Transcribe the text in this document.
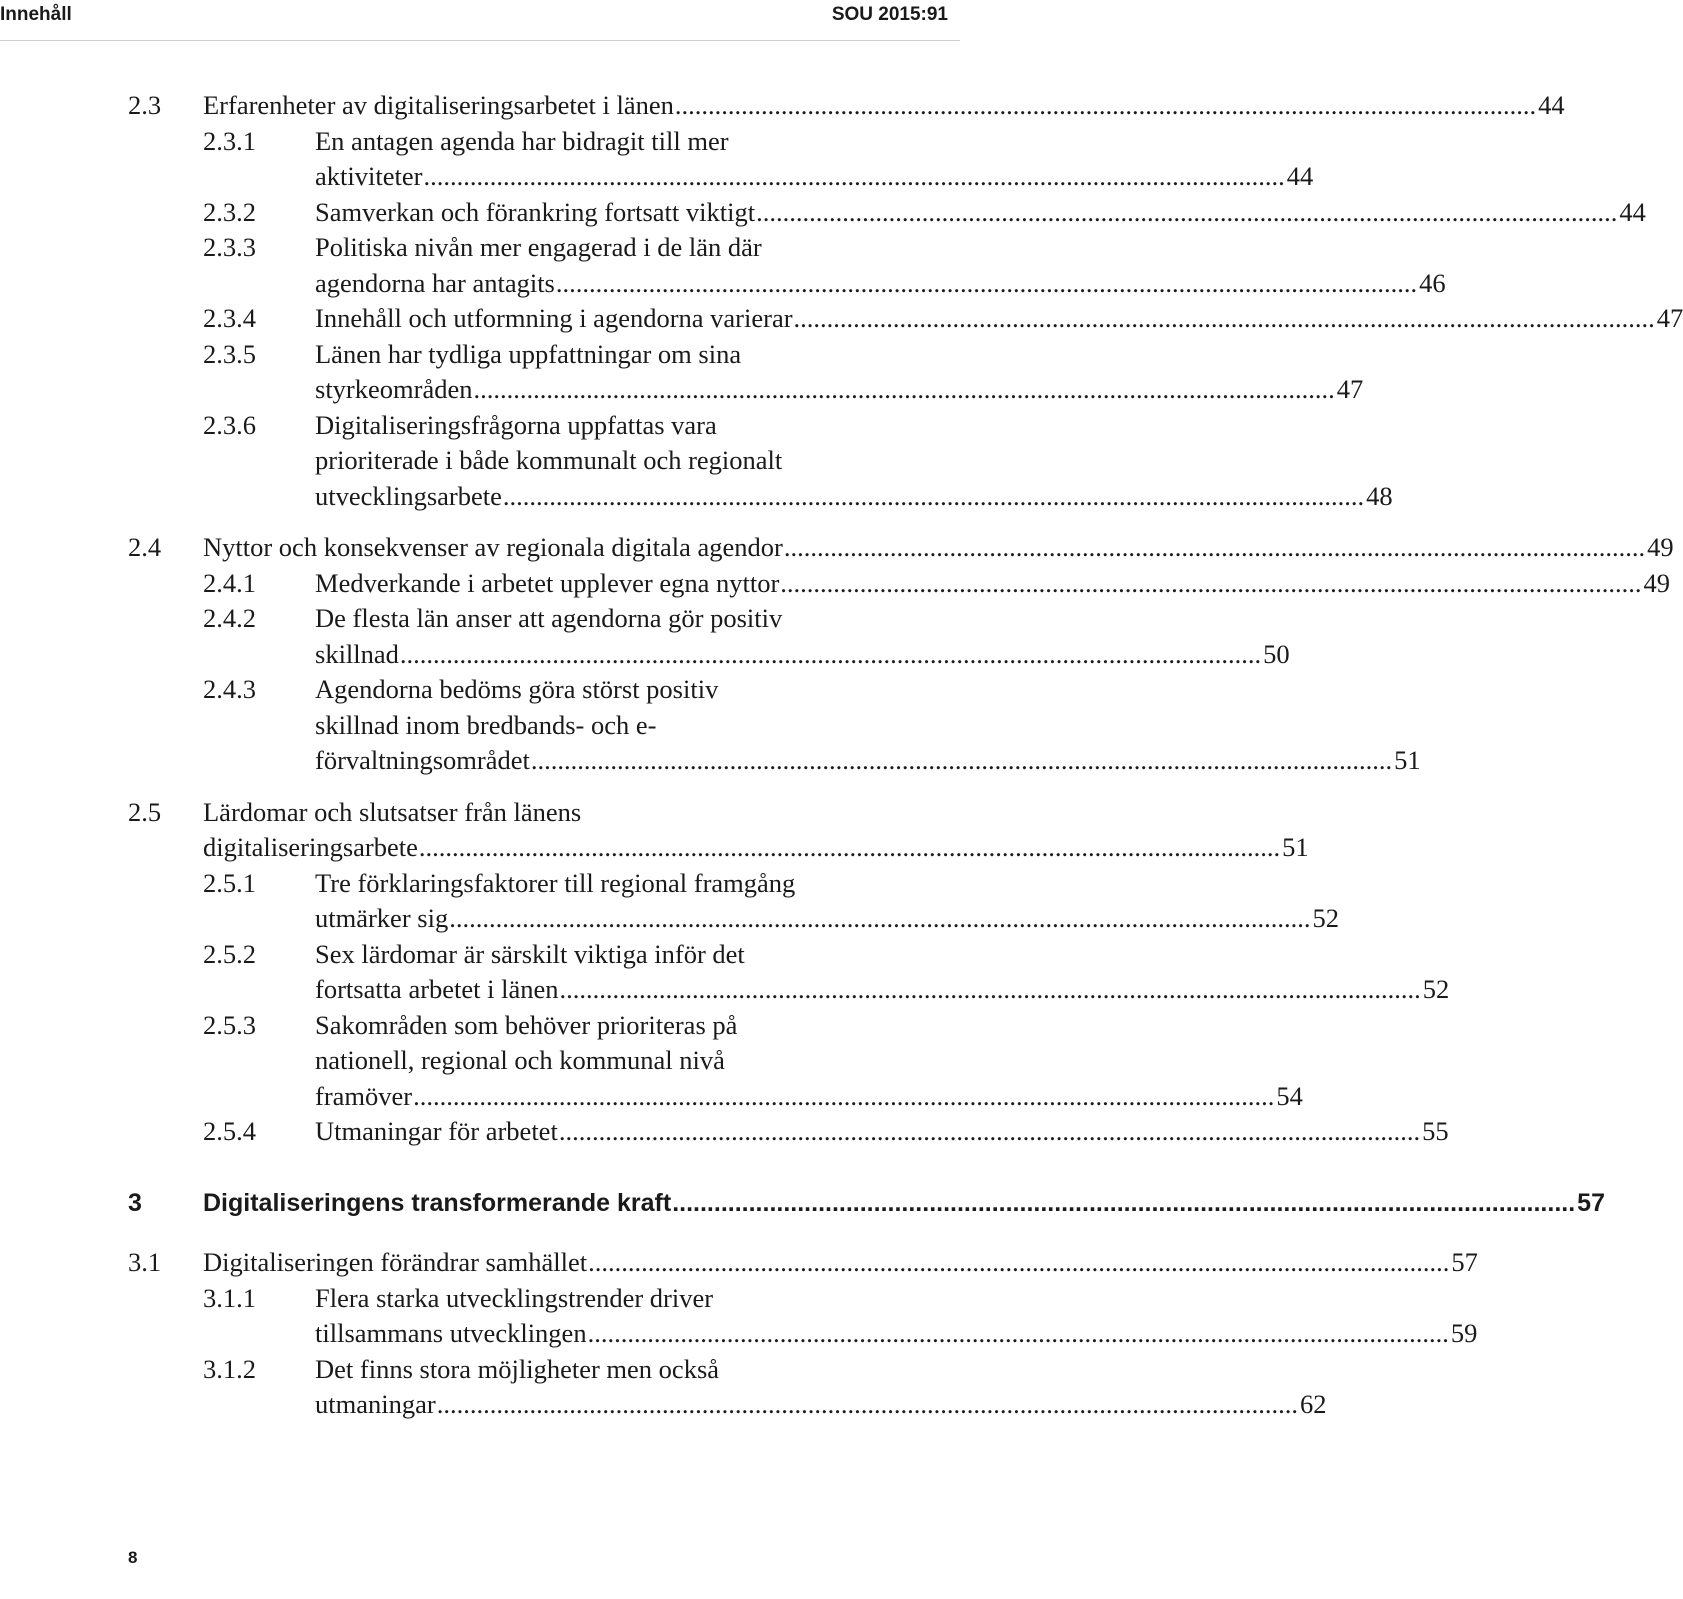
Innehåll	SOU 2015:91
2.3 Erfarenheter av digitaliseringsarbetet i länen .................................................................................................................................. 44
2.3.1 En antagen agenda har bidragit till mer
aktiviteter .................................................................................................................................. 44
2.3.2 Samverkan och förankring fortsatt viktigt .................................................................................................................................. 44
2.3.3 Politiska nivån mer engagerad i de län där
agendorna har antagits .................................................................................................................................. 46
2.3.4 Innehåll och utformning i agendorna varierar .................................................................................................................................. 47
2.3.5 Länen har tydliga uppfattningar om sina
styrkeområden .................................................................................................................................. 47
2.3.6 Digitaliseringsfrågorna uppfattas vara
prioriterade i både kommunalt och regionalt
utvecklingsarbete .................................................................................................................................. 48
2.4 Nyttor och konsekvenser av regionala digitala agendor .................................................................................................................................. 49
2.4.1 Medverkande i arbetet upplever egna nyttor .................................................................................................................................. 49
2.4.2 De flesta län anser att agendorna gör positiv
skillnad .................................................................................................................................. 50
2.4.3 Agendorna bedöms göra störst positiv
skillnad inom bredbands- och e-
förvaltningsområdet .................................................................................................................................. 51
2.5 Lärdomar och slutsatser från länens
digitaliseringsarbete .................................................................................................................................. 51
2.5.1 Tre förklaringsfaktorer till regional framgång
utmärker sig .................................................................................................................................. 52
2.5.2 Sex lärdomar är särskilt viktiga inför det
fortsatta arbetet i länen .................................................................................................................................. 52
2.5.3 Sakområden som behöver prioriteras på
nationell, regional och kommunal nivå
framöver .................................................................................................................................. 54
2.5.4 Utmaningar för arbetet .................................................................................................................................. 55
3 Digitaliseringens transformerande kraft .................................................................................................................................. 57
3.1 Digitaliseringen förändrar samhället .................................................................................................................................. 57
3.1.1 Flera starka utvecklingstrender driver
tillsammans utvecklingen .................................................................................................................................. 59
3.1.2 Det finns stora möjligheter men också
utmaningar .................................................................................................................................. 62
8
